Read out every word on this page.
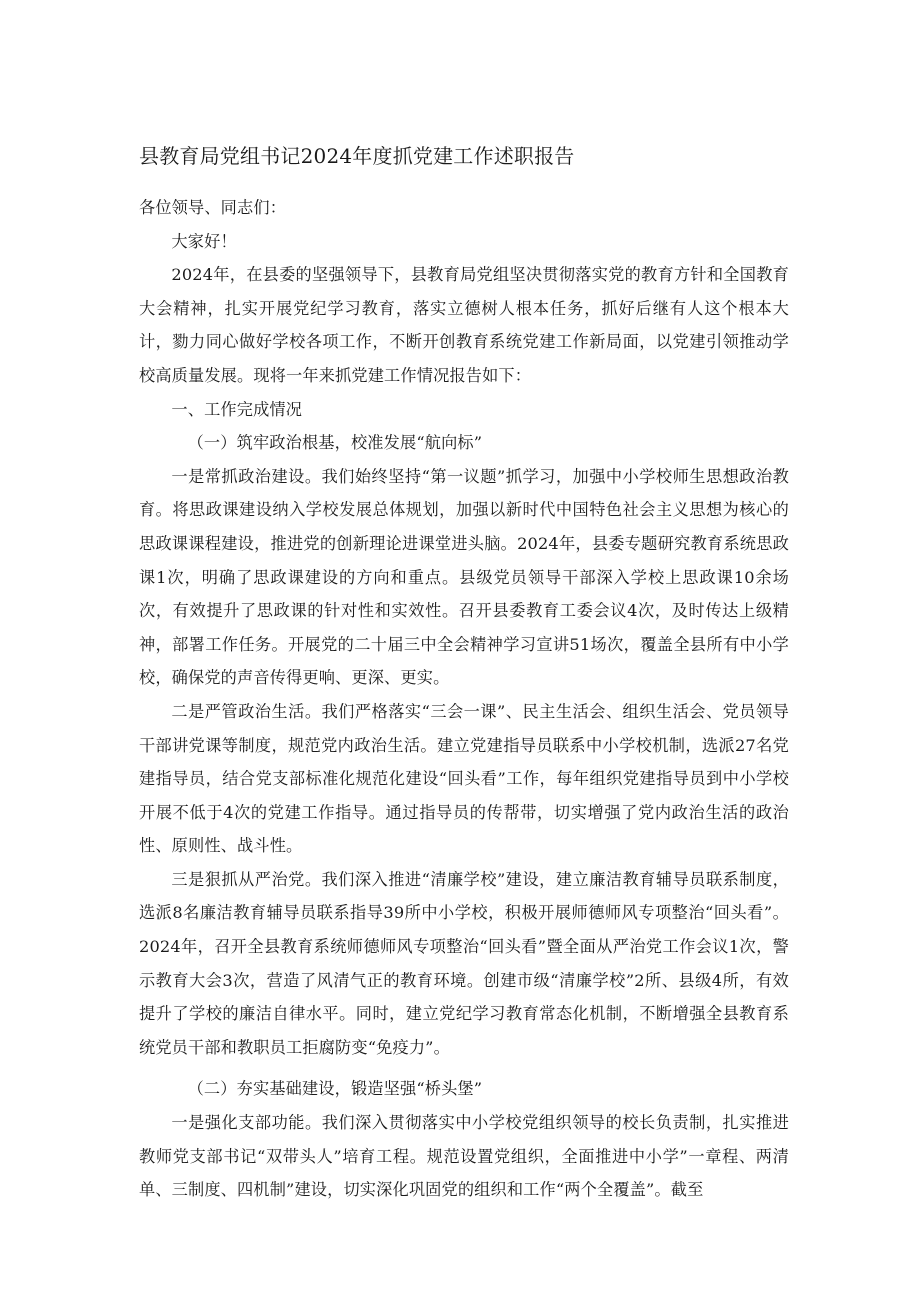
县教育局党组书记2024年度抓党建工作述职报告

各位领导、同志们：

大家好！

2024年，在县委的坚强领导下，县教育局党组坚决贯彻落实党的教育方针和全国教育大会精神，扎实开展党纪学习教育，落实立德树人根本任务，抓好后继有人这个根本大计，勠力同心做好学校各项工作，不断开创教育系统党建工作新局面，以党建引领推动学校高质量发展。现将一年来抓党建工作情况报告如下：

一、工作完成情况

（一）筑牢政治根基，校准发展“航向标”

一是常抓政治建设。我们始终坚持“第一议题”抓学习，加强中小学校师生思想政治教育。将思政课建设纳入学校发展总体规划，加强以新时代中国特色社会主义思想为核心的思政课课程建设，推进党的创新理论进课堂进头脑。2024年，县委专题研究教育系统思政课1次，明确了思政课建设的方向和重点。县级党员领导干部深入学校上思政课10余场次，有效提升了思政课的针对性和实效性。召开县委教育工委会议4次，及时传达上级精神，部署工作任务。开展党的二十届三中全会精神学习宣讲51场次，覆盖全县所有中小学校，确保党的声音传得更响、更深、更实。

二是严管政治生活。我们严格落实“三会一课”、民主生活会、组织生活会、党员领导干部讲党课等制度，规范党内政治生活。建立党建指导员联系中小学校机制，选派27名党建指导员，结合党支部标准化规范化建设“回头看”工作，每年组织党建指导员到中小学校开展不低于4次的党建工作指导。通过指导员的传帮带，切实增强了党内政治生活的政治性、原则性、战斗性。

三是狠抓从严治党。我们深入推进“清廉学校”建设，建立廉洁教育辅导员联系制度，选派8名廉洁教育辅导员联系指导39所中小学校，积极开展师德师风专项整治“回头看”。2024年，召开全县教育系统师德师风专项整治“回头看”暨全面从严治党工作会议1次，警示教育大会3次，营造了风清气正的教育环境。创建市级“清廉学校”2所、县级4所，有效提升了学校的廉洁自律水平。同时，建立党纪学习教育常态化机制，不断增强全县教育系统党员干部和教职员工拒腐防变“免疫力”。

（二）夯实基础建设，锻造坚强“桥头堡”

一是强化支部功能。我们深入贯彻落实中小学校党组织领导的校长负责制，扎实推进教师党支部书记“双带头人”培育工程。规范设置党组织，全面推进中小学”一章程、两清单、三制度、四机制”建设，切实深化巩固党的组织和工作“两个全覆盖”。截至
